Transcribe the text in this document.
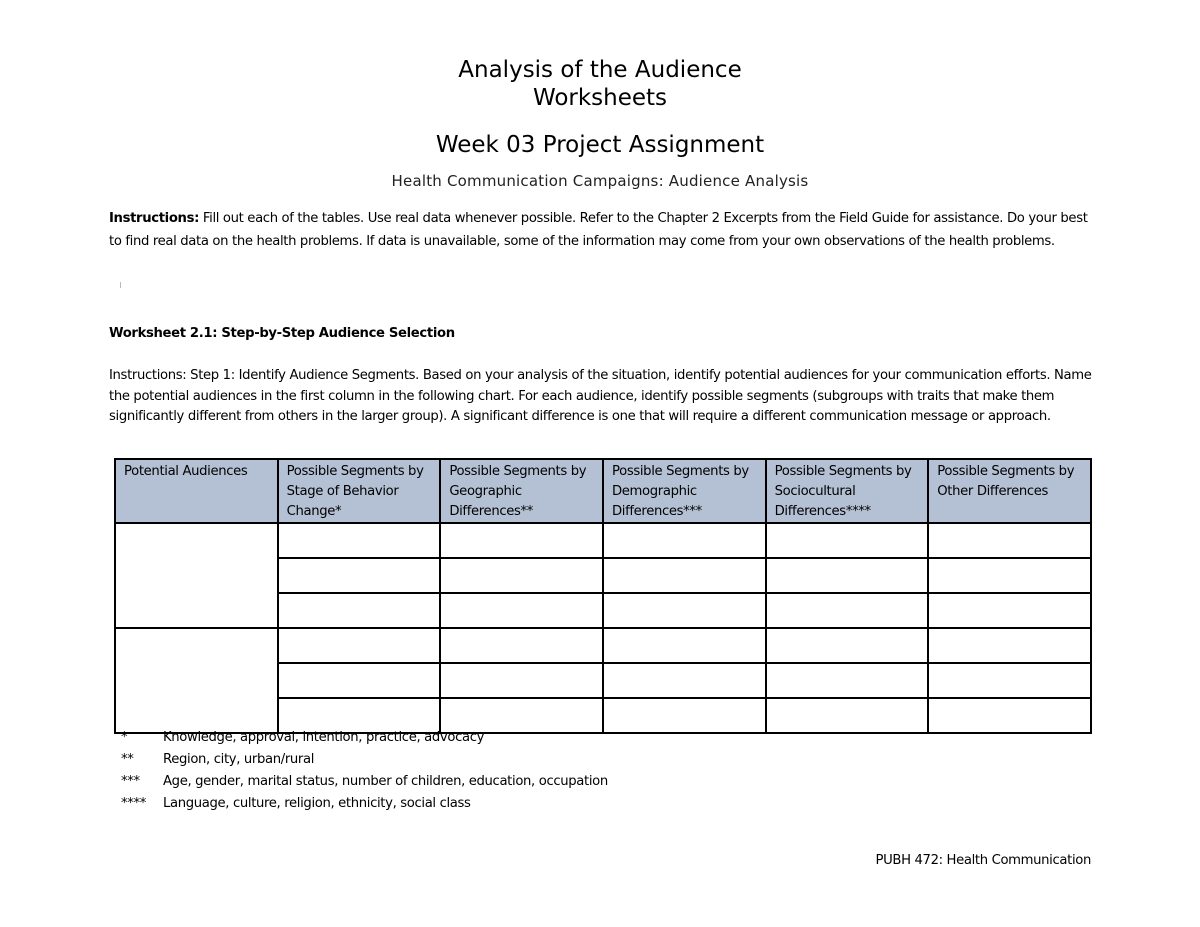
Analysis of the Audience
Worksheets
Week 03 Project Assignment
Health Communication Campaigns: Audience Analysis
Instructions: Fill out each of the tables. Use real data whenever possible. Refer to the Chapter 2 Excerpts from the Field Guide for assistance. Do your best to find real data on the health problems. If data is unavailable, some of the information may come from your own observations of the health problems.
Worksheet 2.1: Step-by-Step Audience Selection
Instructions: Step 1: Identify Audience Segments. Based on your analysis of the situation, identify potential audiences for your communication efforts. Name the potential audiences in the first column in the following chart. For each audience, identify possible segments (subgroups with traits that make them significantly different from others in the larger group). A significant difference is one that will require a different communication message or approach.
Potential Audiences	Possible Segments by Stage of Behavior Change*	Possible Segments by Geographic Differences**	Possible Segments by Demographic Differences***	Possible Segments by Sociocultural Differences****	Possible Segments by Other Differences

*	Knowledge, approval, intention, practice, advocacy
**	Region, city, urban/rural
***	Age, gender, marital status, number of children, education, occupation
****	Language, culture, religion, ethnicity, social class
PUBH 472: Health Communication
